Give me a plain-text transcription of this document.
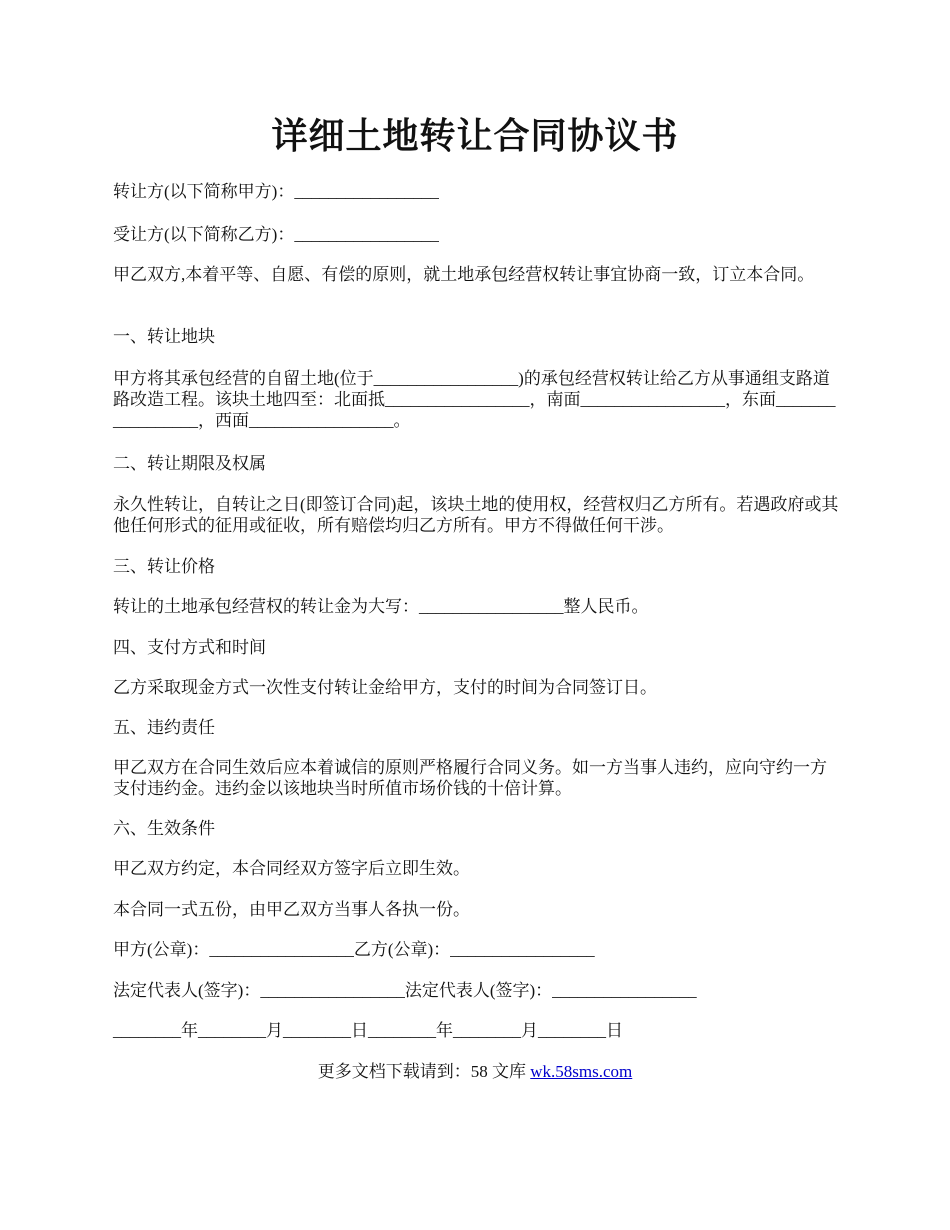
详细土地转让合同协议书

转让方(以下简称甲方)：_________________

受让方(以下简称乙方)：_________________

甲乙双方,本着平等、自愿、有偿的原则，就土地承包经营权转让事宜协商一致，订立本合同。

一、转让地块

甲方将其承包经营的自留土地(位于_________________)的承包经营权转让给乙方从事通组支路道路改造工程。该块土地四至：北面抵_________________，南面_________________，东面_________________，西面_________________。

二、转让期限及权属

永久性转让，自转让之日(即签订合同)起，该块土地的使用权，经营权归乙方所有。若遇政府或其他任何形式的征用或征收，所有赔偿均归乙方所有。甲方不得做任何干涉。

三、转让价格

转让的土地承包经营权的转让金为大写：_________________整人民币。

四、支付方式和时间

乙方采取现金方式一次性支付转让金给甲方，支付的时间为合同签订日。

五、违约责任

甲乙双方在合同生效后应本着诚信的原则严格履行合同义务。如一方当事人违约，应向守约一方支付违约金。违约金以该地块当时所值市场价钱的十倍计算。

六、生效条件

甲乙双方约定，本合同经双方签字后立即生效。

本合同一式五份，由甲乙双方当事人各执一份。

甲方(公章)：_________________乙方(公章)：_________________

法定代表人(签字)：_________________法定代表人(签字)：_________________

________年________月________日________年________月________日

更多文档下载请到：58 文库 wk.58sms.com
